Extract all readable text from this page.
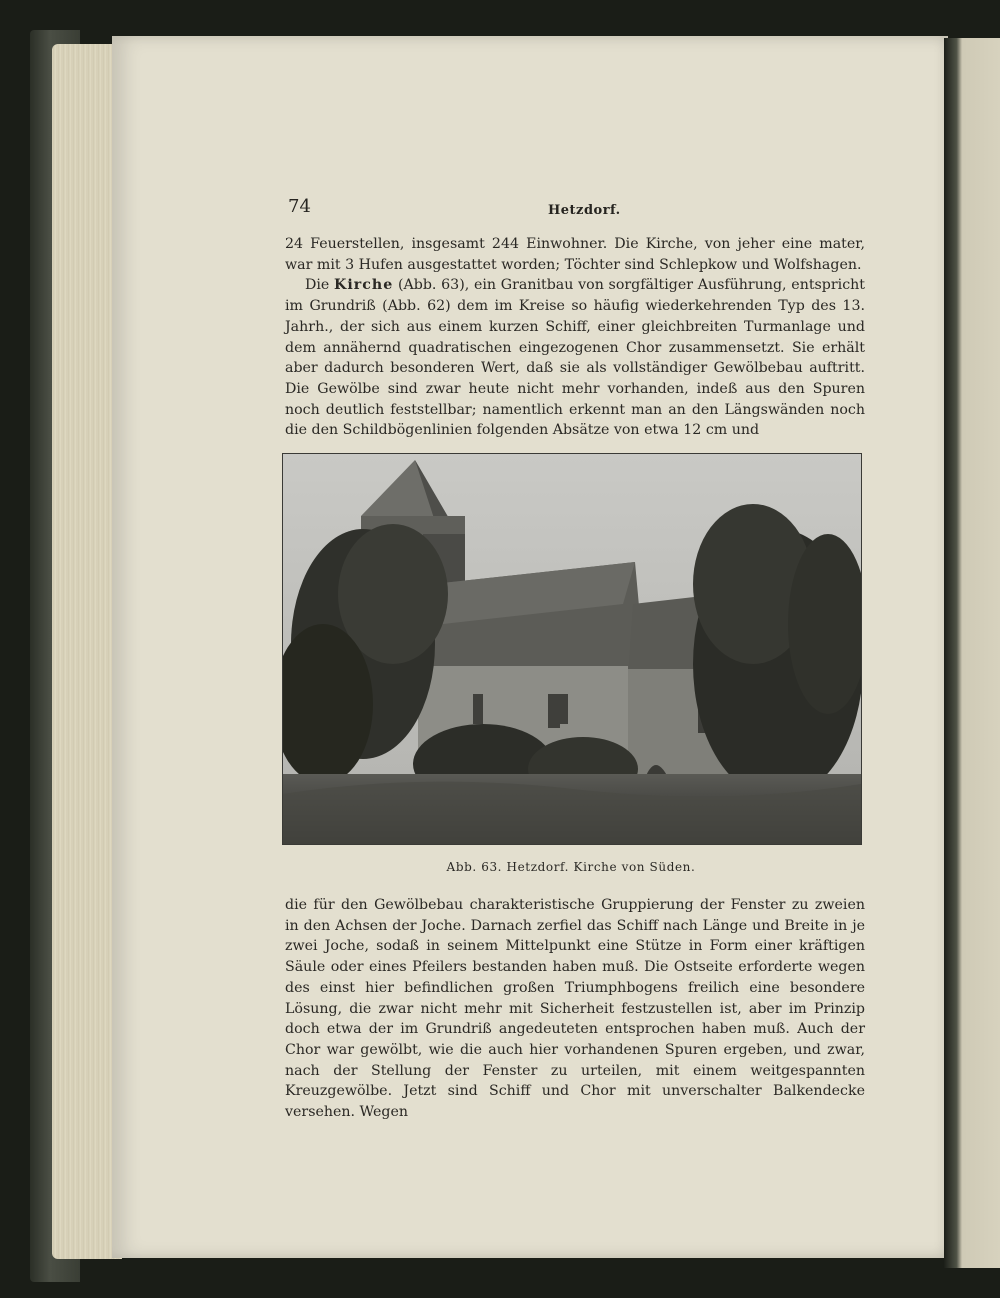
74	Hetzdorf.

24 Feuerstellen, insgesamt 244 Einwohner. Die Kirche, von jeher eine mater, war mit 3 Hufen ausgestattet worden; Töchter sind Schlepkow und Wolfshagen.

Die Kirche (Abb. 63), ein Granitbau von sorgfältiger Ausführung, entspricht im Grundriß (Abb. 62) dem im Kreise so häufig wiederkehrenden Typ des 13. Jahrh., der sich aus einem kurzen Schiff, einer gleichbreiten Turmanlage und dem annähernd quadratischen eingezogenen Chor zusammensetzt. Sie erhält aber dadurch besonderen Wert, daß sie als vollständiger Gewölbebau auftritt. Die Gewölbe sind zwar heute nicht mehr vorhanden, indeß aus den Spuren noch deutlich feststellbar; namentlich erkennt man an den Längswänden noch die den Schildbögenlinien folgenden Absätze von etwa 12 cm und

Abb. 63. Hetzdorf. Kirche von Süden.

die für den Gewölbebau charakteristische Gruppierung der Fenster zu zweien in den Achsen der Joche. Darnach zerfiel das Schiff nach Länge und Breite in je zwei Joche, sodaß in seinem Mittelpunkt eine Stütze in Form einer kräftigen Säule oder eines Pfeilers bestanden haben muß. Die Ostseite erforderte wegen des einst hier befindlichen großen Triumphbogens freilich eine besondere Lösung, die zwar nicht mehr mit Sicherheit festzustellen ist, aber im Prinzip doch etwa der im Grundriß angedeuteten entsprochen haben muß. Auch der Chor war gewölbt, wie die auch hier vorhandenen Spuren ergeben, und zwar, nach der Stellung der Fenster zu urteilen, mit einem weitgespannten Kreuzgewölbe. Jetzt sind Schiff und Chor mit unverschalter Balkendecke versehen. Wegen
